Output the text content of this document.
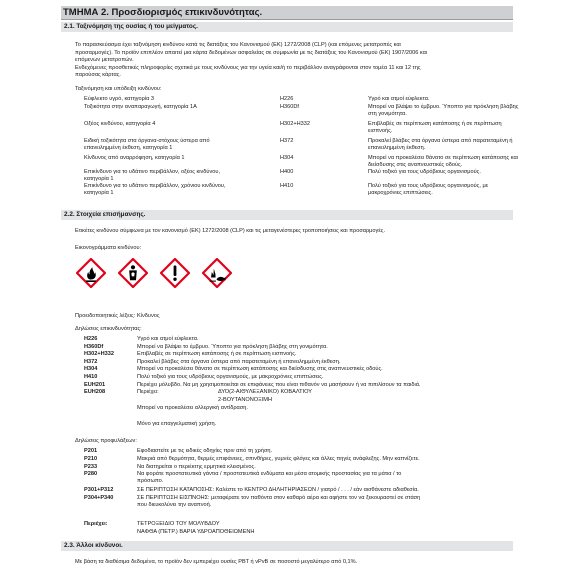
ΤΜΗΜΑ 2. Προσδιορισμός επικινδυνότητας.
2.1. Ταξινόμηση της ουσίας ή του μείγματος.
Το παρασκεύασμα έχει ταξινόμηση κινδύνου κατά τις διατάξεις του Κανονισμού (ΕΚ) 1272/2008 (CLP) (και επόμενες μετατροπές και
προσαρμογές). Το προϊόν επιπλέον απαιτεί μια κάρτα δεδομένων ασφαλείας σε συμφωνία με τις διατάξεις του Κανονισμού (ΕΚ) 1907/2006 και
επόμενων μετατροπών.
Ενδεχόμενες προσθετικές πληροφορίες σχετικά με τους κινδύνους για την υγεία και/ή το περιβάλλον αναγράφονται στον τομέα 11 και 12 της
παρούσας κάρτας.
Ταξινόμηση και υπόδειξη κινδύνου:
Εύφλεκτο υγρό, κατηγορία 3	H226	Υγρό και ατμοί εύφλεκτα.
Τοξικότητα στην αναπαραγωγή, κατηγορία 1A	H360Df	Μπορεί να βλάψει το έμβρυο. Ύποπτο για πρόκληση βλάβης
στη γονιμότητα.
Οξέος κινδύνου, κατηγορία 4	H302+H332	Επιβλαβές σε περίπτωση κατάποσης ή σε περίπτωση
εισπνοής.
Ειδική τοξικότητα στα όργανα-στόχους ύστερα από
επανειλημμένη έκθεση, κατηγορία 1
H372	Προκαλεί βλάβες στα όργανα ύστερα από παρατεταμένη ή
επανειλημμένη έκθεση.
Κίνδυνος από αναρρόφηση, κατηγορία 1	H304	Μπορεί να προκαλέσει θάνατο σε περίπτωση κατάποσης και
διείσδυσης στις αναπνευστικές οδούς.
Επικίνδυνο για το υδάτινο περιβάλλον, οξέος κινδύνου,
κατηγορία 1
H400	Πολύ τοξικό για τους υδρόβιους οργανισμούς.
Επικίνδυνο για το υδάτινο περιβάλλον, χρόνιου κινδύνου,
κατηγορία 1
H410	Πολύ τοξικό για τους υδρόβιους οργανισμούς, με
μακροχρόνιες επιπτώσεις.
2.2. Στοιχεία επισήμανσης.
Ετικέτες κινδύνου σύμφωνα με τον κανονισμό (ΕΚ) 1272/2008 (CLP) και τις μεταγενέστερες τροποποιήσεις και προσαρμογές.
Εικονογράμματα κινδύνου:
Προειδοποιητικές λέξεις: Κίνδυνος
Δηλώσεις επικινδυνότητας:
H226	Υγρό και ατμοί εύφλεκτα.
H360Df	Μπορεί να βλάψει το έμβρυο. Ύποπτο για πρόκληση βλάβης στη γονιμότητα.
H302+H332	Επιβλαβές σε περίπτωση κατάποσης ή σε περίπτωση εισπνοής.
H372	Προκαλεί βλάβες στα όργανα ύστερα από παρατεταμένη ή επανειλημμένη έκθεση.
H304	Μπορεί να προκαλέσει θάνατο σε περίπτωση κατάποσης και διείσδυσης στις αναπνευστικές οδούς.
H410	Πολύ τοξικό για τους υδρόβιους οργανισμούς, με μακροχρόνιες επιπτώσεις.
EUH201	Περιέχει μόλυβδο. Να μη χρησιμοποιείται σε επιφάνειες που είναι πιθανόν να μασήσουν ή να πιπιλίσουν τα παιδιά.
EUH208	Περιέχει:	ΔΥΟ(2-ΑΙΘΥΛΕΞΑΝΙΚΟ) ΚΟΒΑΛΤΙΟΥ
2-ΒΟΥΤΑΝΟΝΟΞΙΜΗ
Μπορεί να προκαλέσει αλλεργική αντίδραση.
Μόνο για επαγγελματική χρήση.
Δηλώσεις προφυλάξεων:
P201	Εφοδιαστείτε με τις ειδικές οδηγίες πριν από τη χρήση.
P210	Μακριά από θερμότητα, θερμές επιφάνειες, σπινθήρες, γυμνές φλόγες και άλλες πηγές ανάφλεξης. Μην καπνίζετε.
P233	Να διατηρείται ο περιέκτης ερμητικά κλεισμένος.
P280	Να φοράτε προστατευτικά γάντια / προστατευτικά ενδύματα και μέσα ατομικής προστασίας για τα μάτια / το
πρόσωπο.
P301+P312	ΣΕ ΠΕΡΙΠΤΩΣΗ ΚΑΤΑΠΟΣΗΣ: Καλέστε το ΚΕΝΤΡΟ ΔΗΛΗΤΗΡΙΑΣΕΩΝ / γιατρό / . . . / εάν αισθάνεστε αδιαθεσία.
P304+P340	ΣΕ ΠΕΡΙΠΤΩΣΗ ΕΙΣΠΝΟΗΣ: μεταφέρατε τον παθόντα στον καθαρό αέρα και αφήστε τον να ξεκουραστεί σε στάση
που διευκολύνει την αναπνοή.
Περιέχει:	ΤΕΤΡΟΞΕΙΔΙΟ ΤΟΥ ΜΟΛΥΒΔΟΥ
ΝΑΦΘΑ (ΠΕΤΡ.) ΒΑΡΙΑ ΥΔΡΟΑΠΟΘΕΙΩΜΕΝΗ
2.3. Άλλοι κίνδυνοι.
Με βάση τα διαθέσιμα δεδομένα, το προϊόν δεν εμπεριέχει ουσίες PBT ή vPvB σε ποσοστό μεγαλύτερο από 0,1%.
